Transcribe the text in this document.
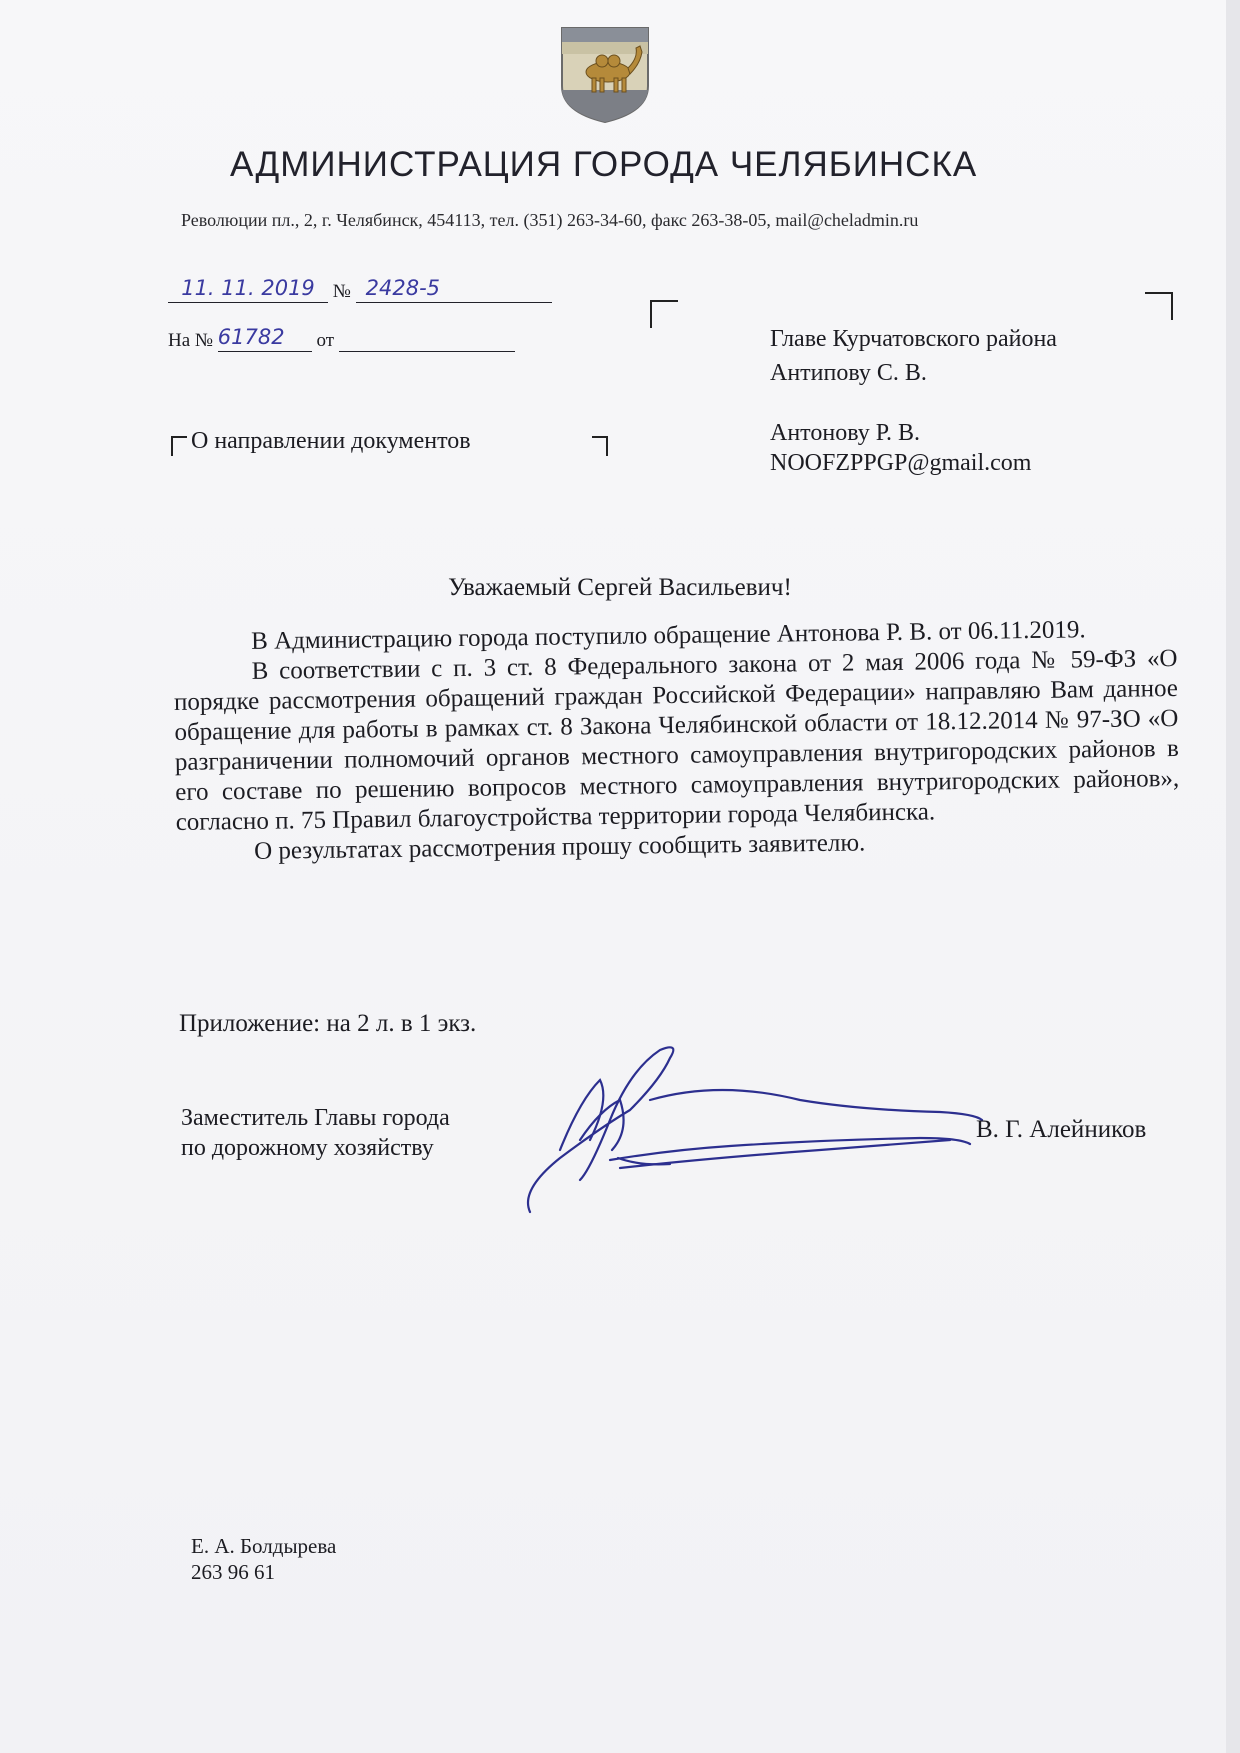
АДМИНИСТРАЦИЯ ГОРОДА ЧЕЛЯБИНСКА
Революции пл., 2, г. Челябинск, 454113, тел. (351) 263-34-60, факс 263-38-05, mail@cheladmin.ru
11. 11. 2019 № 2428-5
На № 61782 от	Главе Курчатовского района
Антипову С. В.
Антонову Р. В.
NOOFZPPGP@gmail.com
О направлении документов
Уважаемый Сергей Васильевич!

В Администрацию города поступило обращение Антонова Р. В. от 06.11.2019.

В соответствии с п. 3 ст. 8 Федерального закона от 2 мая 2006 года № 59-ФЗ «О порядке рассмотрения обращений граждан Российской Федерации» направляю Вам данное обращение для работы в рамках ст. 8 Закона Челябинской области от 18.12.2014 № 97-ЗО «О разграничении полномочий органов местного самоуправления внутригородских районов в его составе по решению вопросов местного самоуправления внутригородских районов», согласно п. 75 Правил благоустройства территории города Челябинска.

О результатах рассмотрения прошу сообщить заявителю.

Приложение: на 2 л. в 1 экз.
Заместитель Главы города
по дорожному хозяйству
В. Г. Алейников
Е. А. Болдырева
263 96 61
